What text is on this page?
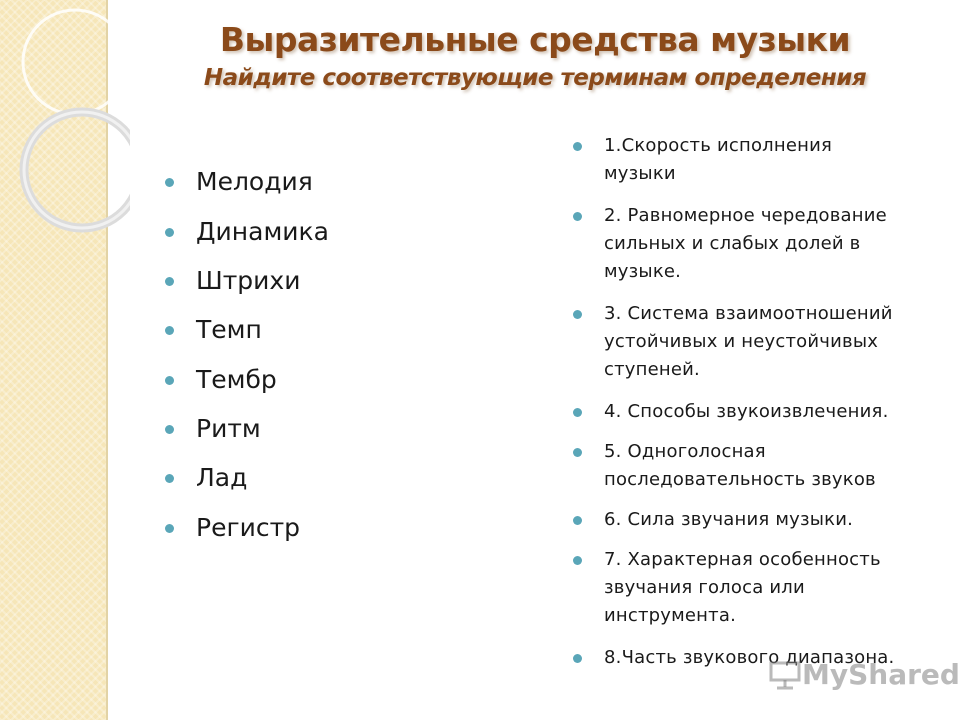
Выразительные средства музыки
Найдите соответствующие терминам определения
Мелодия
Динамика
Штрихи
Темп
Тембр
Ритм
Лад
Регистр
1.Скорость исполнения
музыки
2. Равномерное чередование
сильных и слабых долей в
музыке.
3. Система взаимоотношений
устойчивых и неустойчивых
ступеней.
4. Способы звукоизвлечения.
5. Одноголосная
последовательность звуков
6. Сила звучания музыки.
7. Характерная особенность
звучания голоса или
инструмента.
8.Часть звукового диапазона.
MyShared
